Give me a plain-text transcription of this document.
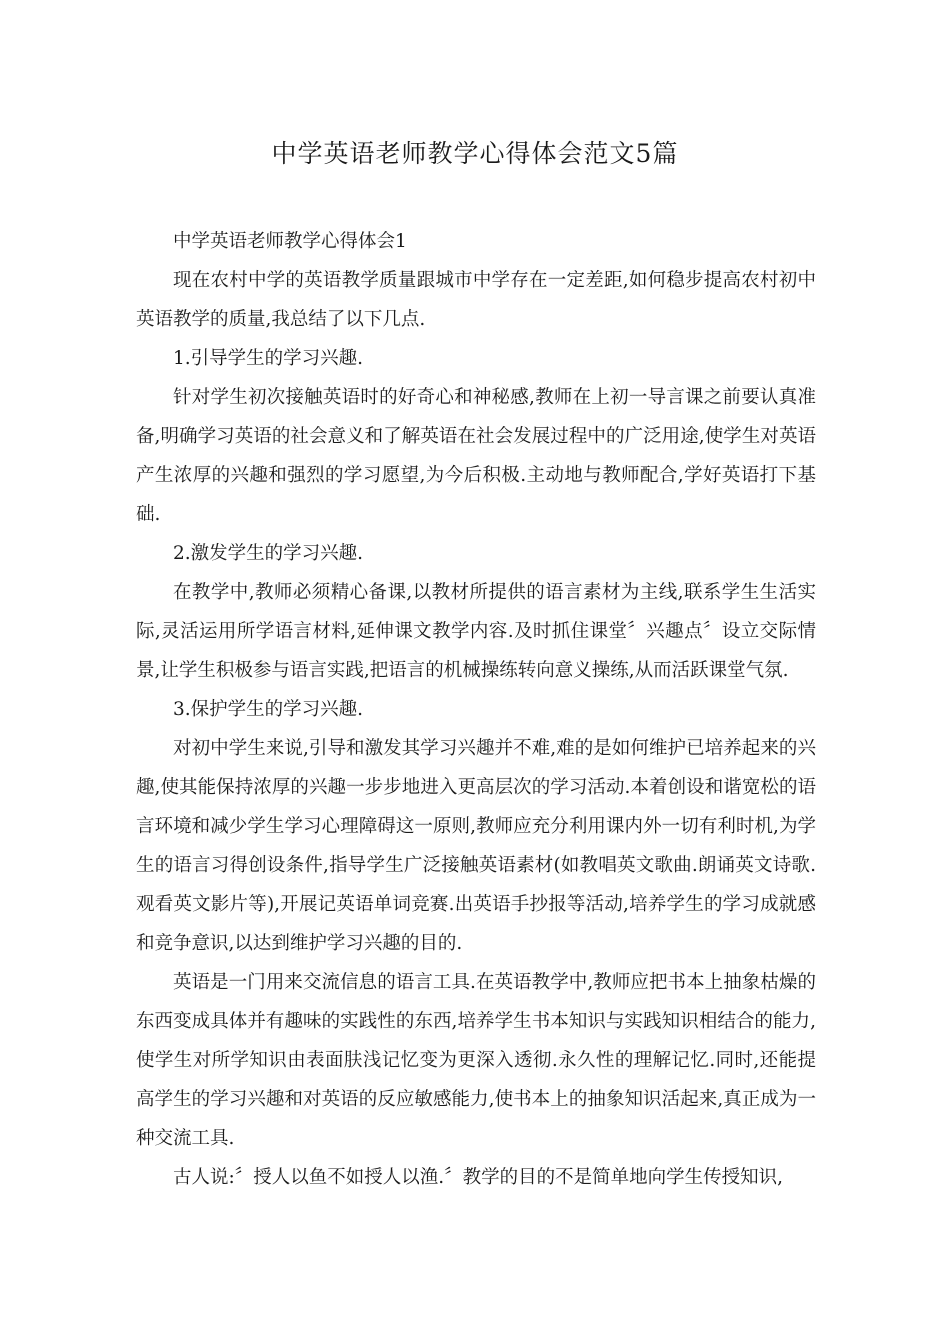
中学英语老师教学心得体会范文5篇

中学英语老师教学心得体会1

现在农村中学的英语教学质量跟城市中学存在一定差距,如何稳步提高农村初中英语教学的质量,我总结了以下几点.

1.引导学生的学习兴趣.

针对学生初次接触英语时的好奇心和神秘感,教师在上初一导言课之前要认真准备,明确学习英语的社会意义和了解英语在社会发展过程中的广泛用途,使学生对英语产生浓厚的兴趣和强烈的学习愿望,为今后积极.主动地与教师配合,学好英语打下基础.

2.激发学生的学习兴趣.

在教学中,教师必须精心备课,以教材所提供的语言素材为主线,联系学生生活实际,灵活运用所学语言材料,延伸课文教学内容.及时抓住课堂〞兴趣点〞设立交际情景,让学生积极参与语言实践,把语言的机械操练转向意义操练,从而活跃课堂气氛.

3.保护学生的学习兴趣.

对初中学生来说,引导和激发其学习兴趣并不难,难的是如何维护已培养起来的兴趣,使其能保持浓厚的兴趣一步步地进入更高层次的学习活动.本着创设和谐宽松的语言环境和减少学生学习心理障碍这一原则,教师应充分利用课内外一切有利时机,为学生的语言习得创设条件,指导学生广泛接触英语素材(如教唱英文歌曲.朗诵英文诗歌.观看英文影片等),开展记英语单词竞赛.出英语手抄报等活动,培养学生的学习成就感和竞争意识,以达到维护学习兴趣的目的.

英语是一门用来交流信息的语言工具.在英语教学中,教师应把书本上抽象枯燥的东西变成具体并有趣味的实践性的东西,培养学生书本知识与实践知识相结合的能力,使学生对所学知识由表面肤浅记忆变为更深入透彻.永久性的理解记忆.同时,还能提高学生的学习兴趣和对英语的反应敏感能力,使书本上的抽象知识活起来,真正成为一种交流工具.

古人说:〞授人以鱼不如授人以渔.〞教学的目的不是简单地向学生传授知识,
